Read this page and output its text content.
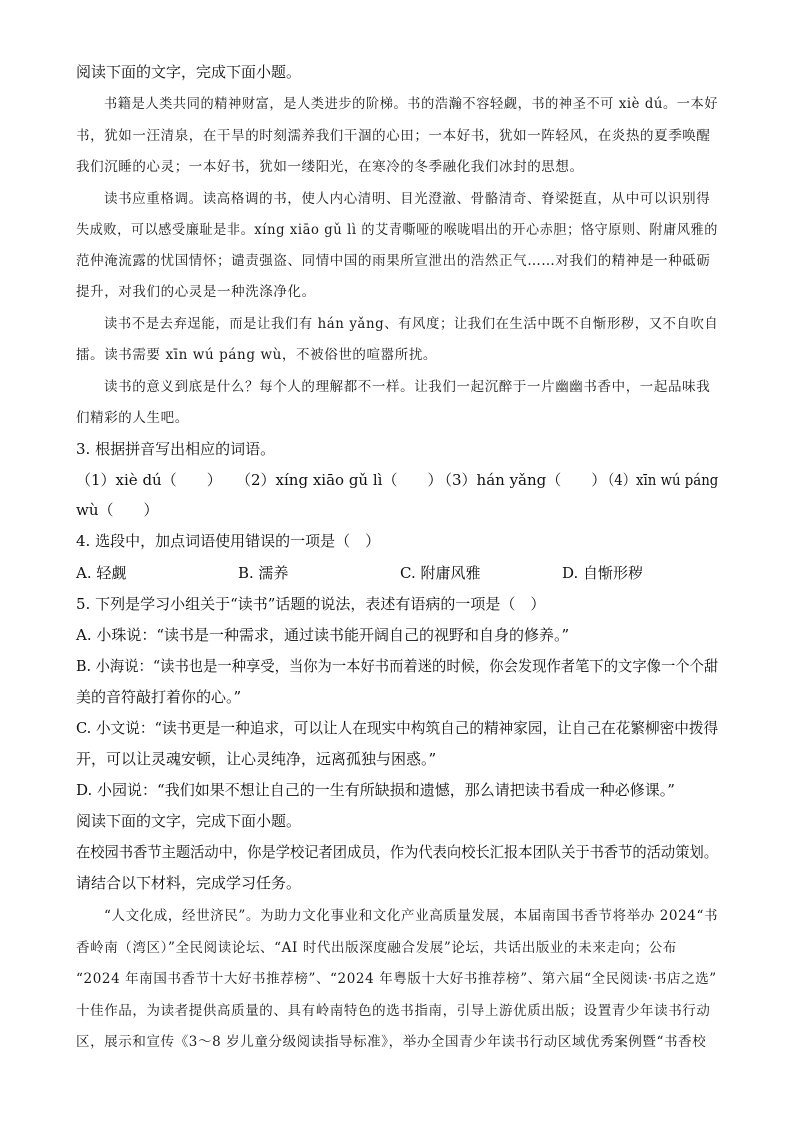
阅读下面的文字，完成下面小题。
书籍是人类共同的精神财富，是人类进步的阶梯。书的浩瀚不容轻觑，书的神圣不可 xiè dú。一本好
书，犹如一汪清泉，在干旱的时刻濡养我们干涸的心田；一本好书，犹如一阵轻风，在炎热的夏季唤醒
我们沉睡的心灵；一本好书，犹如一缕阳光，在寒冷的冬季融化我们冰封的思想。
读书应重格调。读高格调的书，使人内心清明、目光澄澈、骨骼清奇、脊梁挺直，从中可以识别得
失成败，可以感受廉耻是非。xíng xiāo gǔ lì 的艾青嘶哑的喉咙唱出的开心赤胆；恪守原则、附庸风雅的
范仲淹流露的忧国情怀；谴责强盗、同情中国的雨果所宣泄出的浩然正气……对我们的精神是一种砥砺
提升，对我们的心灵是一种洗涤净化。
读书不是去弃逞能，而是让我们有 hán yǎng、有风度；让我们在生活中既不自惭形秽，又不自吹自
擂。读书需要 xīn wú páng wù，不被俗世的喧嚣所扰。
读书的意义到底是什么？每个人的理解都不一样。让我们一起沉醉于一片幽幽书香中，一起品味我
们精彩的人生吧。
3. 根据拼音写出相应的词语。
（1）xiè dú（　　） （2）xíng xiāo gǔ lì（　　）
（3）hán yǎng（　　）
（4）xīn wú páng
wù（　　）
4. 选段中，加点词语使用错误的一项是（　）
A. 轻觑	B. 濡养	C. 附庸风雅	D. 自惭形秽
5. 下列是学习小组关于“读书”话题的说法，表述有语病的一项是（　）
A. 小珠说：“读书是一种需求，通过读书能开阔自己的视野和自身的修养。”
B. 小海说：“读书也是一种享受，当你为一本好书而着迷的时候，你会发现作者笔下的文字像一个个甜
美的音符敲打着你的心。”
C. 小文说：“读书更是一种追求，可以让人在现实中构筑自己的精神家园，让自己在花繁柳密中拨得
开，可以让灵魂安顿，让心灵纯净，远离孤独与困惑。”
D. 小园说：“我们如果不想让自己的一生有所缺损和遗憾，那么请把读书看成一种必修课。”
阅读下面的文字，完成下面小题。
在校园书香节主题活动中，你是学校记者团成员，作为代表向校长汇报本团队关于书香节的活动策划。
请结合以下材料，完成学习任务。
“人文化成，经世济民”。为助力文化事业和文化产业高质量发展，本届南国书香节将举办 2024“书
香岭南（湾区）”全民阅读论坛、“AI 时代出版深度融合发展”论坛，共话出版业的未来走向；公布
“2024 年南国书香节十大好书推荐榜”、“2024 年粤版十大好书推荐榜”、第六届“全民阅读·书店之选”
十佳作品，为读者提供高质量的、具有岭南特色的选书指南，引导上游优质出版；设置青少年读书行动
区，展示和宣传《3～8 岁儿童分级阅读指导标准》，举办全国青少年读书行动区域优秀案例暨“书香校
